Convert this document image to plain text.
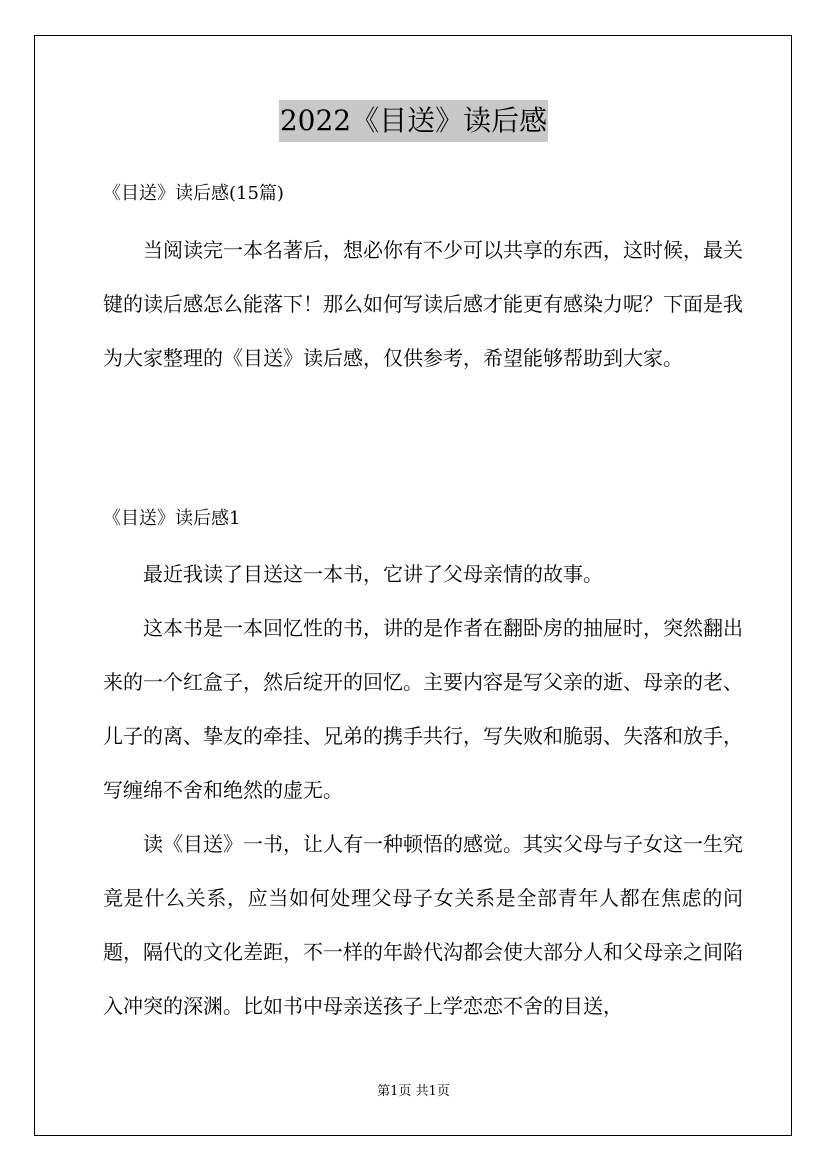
2022《目送》读后感
《目送》读后感(15篇)

当阅读完一本名著后，想必你有不少可以共享的东西，这时候，最关键的读后感怎么能落下！那么如何写读后感才能更有感染力呢？下面是我为大家整理的《目送》读后感，仅供参考，希望能够帮助到大家。

《目送》读后感1

最近我读了目送这一本书，它讲了父母亲情的故事。

这本书是一本回忆性的书，讲的是作者在翻卧房的抽屉时，突然翻出来的一个红盒子，然后绽开的回忆。主要内容是写父亲的逝、母亲的老、儿子的离、挚友的牵挂、兄弟的携手共行，写失败和脆弱、失落和放手，写缠绵不舍和绝然的虚无。

读《目送》一书，让人有一种顿悟的感觉。其实父母与子女这一生究竟是什么关系，应当如何处理父母子女关系是全部青年人都在焦虑的问题，隔代的文化差距，不一样的年龄代沟都会使大部分人和父母亲之间陷入冲突的深渊。比如书中母亲送孩子上学恋恋不舍的目送，

第1页 共1页
